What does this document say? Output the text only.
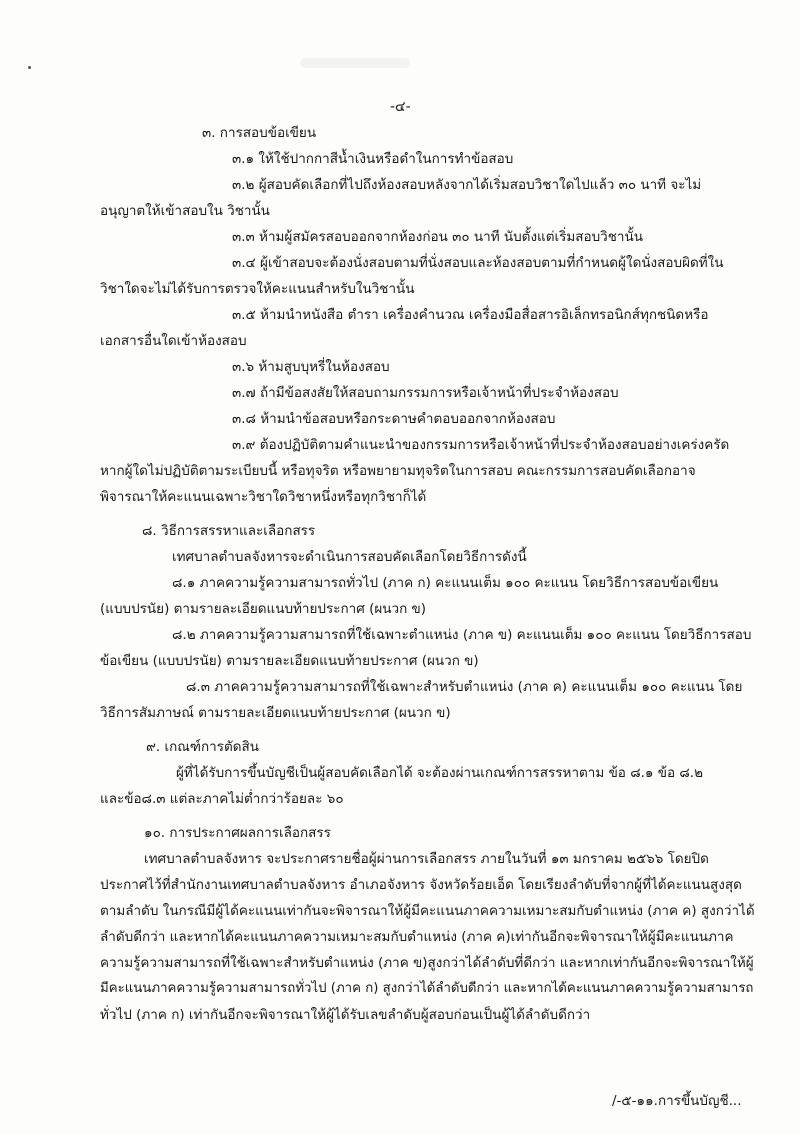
-๔-
๓. การสอบข้อเขียน
๓.๑ ให้ใช้ปากกาสีน้ำเงินหรือดำในการทำข้อสอบ
๓.๒ ผู้สอบคัดเลือกที่ไปถึงห้องสอบหลังจากได้เริ่มสอบวิชาใดไปแล้ว ๓๐ นาที จะไม่
อนุญาตให้เข้าสอบใน วิชานั้น
๓.๓ ห้ามผู้สมัครสอบออกจากห้องก่อน ๓๐ นาที นับตั้งแต่เริ่มสอบวิชานั้น
๓.๔ ผู้เข้าสอบจะต้องนั่งสอบตามที่นั่งสอบและห้องสอบตามที่กำหนดผู้ใดนั่งสอบผิดที่ใน
วิชาใดจะไม่ได้รับการตรวจให้คะแนนสำหรับในวิชานั้น
๓.๕ ห้ามนำหนังสือ ตำรา เครื่องคำนวณ เครื่องมือสื่อสารอิเล็กทรอนิกส์ทุกชนิดหรือ
เอกสารอื่นใดเข้าห้องสอบ
๓.๖ ห้ามสูบบุหรี่ในห้องสอบ
๓.๗ ถ้ามีข้อสงสัยให้สอบถามกรรมการหรือเจ้าหน้าที่ประจำห้องสอบ
๓.๘ ห้ามนำข้อสอบหรือกระดาษคำตอบออกจากห้องสอบ
๓.๙ ต้องปฏิบัติตามคำแนะนำของกรรมการหรือเจ้าหน้าที่ประจำห้องสอบอย่างเคร่งครัด
หากผู้ใดไม่ปฏิบัติตามระเบียบนี้ หรือทุจริต หรือพยายามทุจริตในการสอบ คณะกรรมการสอบคัดเลือกอาจ
พิจารณาให้คะแนนเฉพาะวิชาใดวิชาหนึ่งหรือทุกวิชาก็ได้
๘. วิธีการสรรหาและเลือกสรร
เทศบาลตำบลจังหารจะดำเนินการสอบคัดเลือกโดยวิธีการดังนี้
๘.๑ ภาคความรู้ความสามารถทั่วไป (ภาค ก) คะแนนเต็ม ๑๐๐ คะแนน โดยวิธีการสอบข้อเขียน
(แบบปรนัย) ตามรายละเอียดแนบท้ายประกาศ (ผนวก ข)
๘.๒ ภาคความรู้ความสามารถที่ใช้เฉพาะตำแหน่ง (ภาค ข) คะแนนเต็ม ๑๐๐ คะแนน โดยวิธีการสอบ
ข้อเขียน (แบบปรนัย) ตามรายละเอียดแนบท้ายประกาศ (ผนวก ข)
๘.๓ ภาคความรู้ความสามารถที่ใช้เฉพาะสำหรับตำแหน่ง (ภาค ค) คะแนนเต็ม ๑๐๐ คะแนน โดย
วิธีการสัมภาษณ์ ตามรายละเอียดแนบท้ายประกาศ (ผนวก ข)
๙. เกณฑ์การตัดสิน
ผู้ที่ได้รับการขึ้นบัญชีเป็นผู้สอบคัดเลือกได้ จะต้องผ่านเกณฑ์การสรรหาตาม ข้อ ๘.๑ ข้อ ๘.๒
และข้อ๘.๓ แต่ละภาคไม่ต่ำกว่าร้อยละ ๖๐
๑๐. การประกาศผลการเลือกสรร
เทศบาลตำบลจังหาร จะประกาศรายชื่อผู้ผ่านการเลือกสรร ภายในวันที่ ๑๓ มกราคม ๒๕๖๖ โดยปิด
ประกาศไว้ที่สำนักงานเทศบาลตำบลจังหาร อำเภอจังหาร จังหวัดร้อยเอ็ด โดยเรียงลำดับที่จากผู้ที่ได้คะแนนสูงสุด
ตามลำดับ ในกรณีมีผู้ได้คะแนนเท่ากันจะพิจารณาให้ผู้มีคะแนนภาคความเหมาะสมกับตำแหน่ง (ภาค ค) สูงกว่าได้
ลำดับดีกว่า และหากได้คะแนนภาคความเหมาะสมกับตำแหน่ง (ภาค ค)เท่ากันอีกจะพิจารณาให้ผู้มีคะแนนภาค
ความรู้ความสามารถที่ใช้เฉพาะสำหรับตำแหน่ง (ภาค ข)สูงกว่าได้ลำดับที่ดีกว่า และหากเท่ากันอีกจะพิจารณาให้ผู้
มีคะแนนภาคความรู้ความสามารถทั่วไป (ภาค ก) สูงกว่าได้ลำดับดีกว่า และหากได้คะแนนภาคความรู้ความสามารถ
ทั่วไป (ภาค ก) เท่ากันอีกจะพิจารณาให้ผู้ได้รับเลขลำดับผู้สอบก่อนเป็นผู้ได้ลำดับดีกว่า
/-๕-๑๑.การขึ้นบัญชี...
